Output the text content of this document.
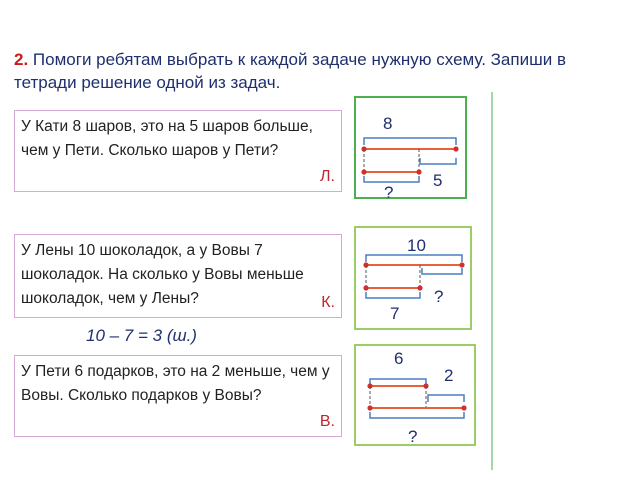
2. Помоги ребятам выбрать к каждой задаче нужную схему. Запиши в тетради решение одной из задач.
У Кати 8 шаров, это на 5 шаров больше, чем у Пети. Сколько шаров у Пети?
Л.
У Лены 10 шоколадок, а у Вовы 7 шоколадок. На сколько у Вовы меньше шоколадок, чем у Лены?	К.
У Пети 6 подарков, это на 2 меньше, чем у Вовы. Сколько подарков у Вовы?
В.
10 – 7 = 3 (ш.)
8
5
?
10
?
7
6
2
?
